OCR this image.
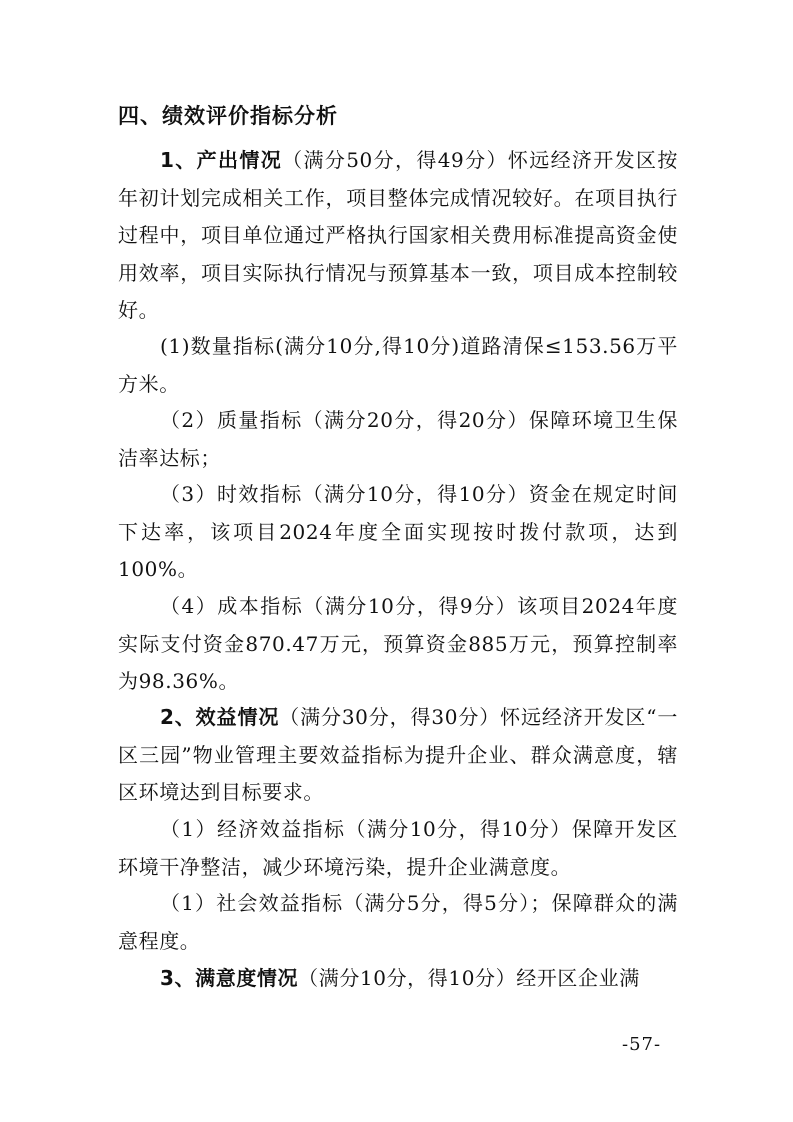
四、绩效评价指标分析
1、产出情况（满分50分，得49分）怀远经济开发区按年初计划完成相关工作，项目整体完成情况较好。在项目执行过程中，项目单位通过严格执行国家相关费用标准提高资金使用效率，项目实际执行情况与预算基本一致，项目成本控制较好。
(1)数量指标(满分10分,得10分)道路清保≤153.56万平方米。
（2）质量指标（满分20分，得20分）保障环境卫生保洁率达标；
（3）时效指标（满分10分，得10分）资金在规定时间下达率，该项目2024年度全面实现按时拨付款项，达到100%。
（4）成本指标（满分10分，得9分）该项目2024年度实际支付资金870.47万元，预算资金885万元，预算控制率为98.36%。
2、效益情况（满分30分，得30分）怀远经济开发区“一区三园”物业管理主要效益指标为提升企业、群众满意度，辖区环境达到目标要求。
（1）经济效益指标（满分10分，得10分）保障开发区环境干净整洁，减少环境污染，提升企业满意度。
（1）社会效益指标（满分5分，得5分）；保障群众的满意程度。
3、满意度情况（满分10分，得10分）经开区企业满
-57-
